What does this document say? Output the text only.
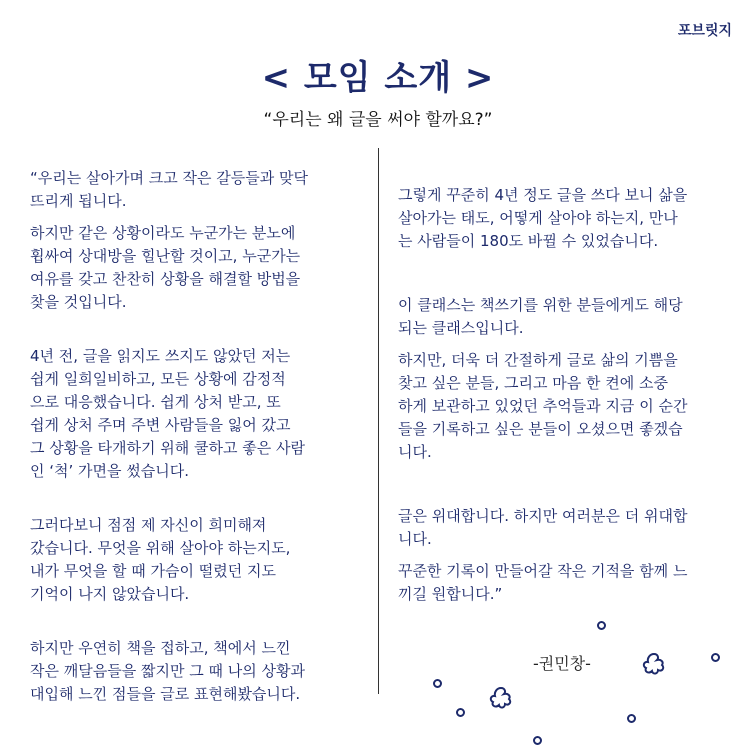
포브릿지
< 모임 소개 >
“우리는 왜 글을 써야 할까요?”

“우리는 살아가며 크고 작은 갈등들과 맞닥
뜨리게 됩니다.

하지만 같은 상황이라도 누군가는 분노에
휩싸여 상대방을 힐난할 것이고, 누군가는
여유를 갖고 찬찬히 상황을 해결할 방법을
찾을 것입니다.

4년 전, 글을 읽지도 쓰지도 않았던 저는
쉽게 일희일비하고, 모든 상황에 감정적
으로 대응했습니다. 쉽게 상처 받고, 또
쉽게 상처 주며 주변 사람들을 잃어 갔고
그 상황을 타개하기 위해 쿨하고 좋은 사람
인 ‘척’ 가면을 썼습니다.

그러다보니 점점 제 자신이 희미해져
갔습니다. 무엇을 위해 살아야 하는지도,
내가 무엇을 할 때 가슴이 떨렸던 지도
기억이 나지 않았습니다.

하지만 우연히 책을 접하고, 책에서 느낀
작은 깨달음들을 짧지만 그 때 나의 상황과
대입해 느낀 점들을 글로 표현해봤습니다.

그렇게 꾸준히 4년 정도 글을 쓰다 보니 삶을
살아가는 태도, 어떻게 살아야 하는지, 만나
는 사람들이 180도 바뀔 수 있었습니다.

이 클래스는 책쓰기를 위한 분들에게도 해당
되는 클래스입니다.

하지만, 더욱 더 간절하게 글로 삶의 기쁨을
찾고 싶은 분들, 그리고 마음 한 켠에 소중
하게 보관하고 있었던 추억들과 지금 이 순간
들을 기록하고 싶은 분들이 오셨으면 좋겠습
니다.

글은 위대합니다. 하지만 여러분은 더 위대합
니다.

꾸준한 기록이 만들어갈 작은 기적을 함께 느
끼길 원합니다.”

-권민창-
